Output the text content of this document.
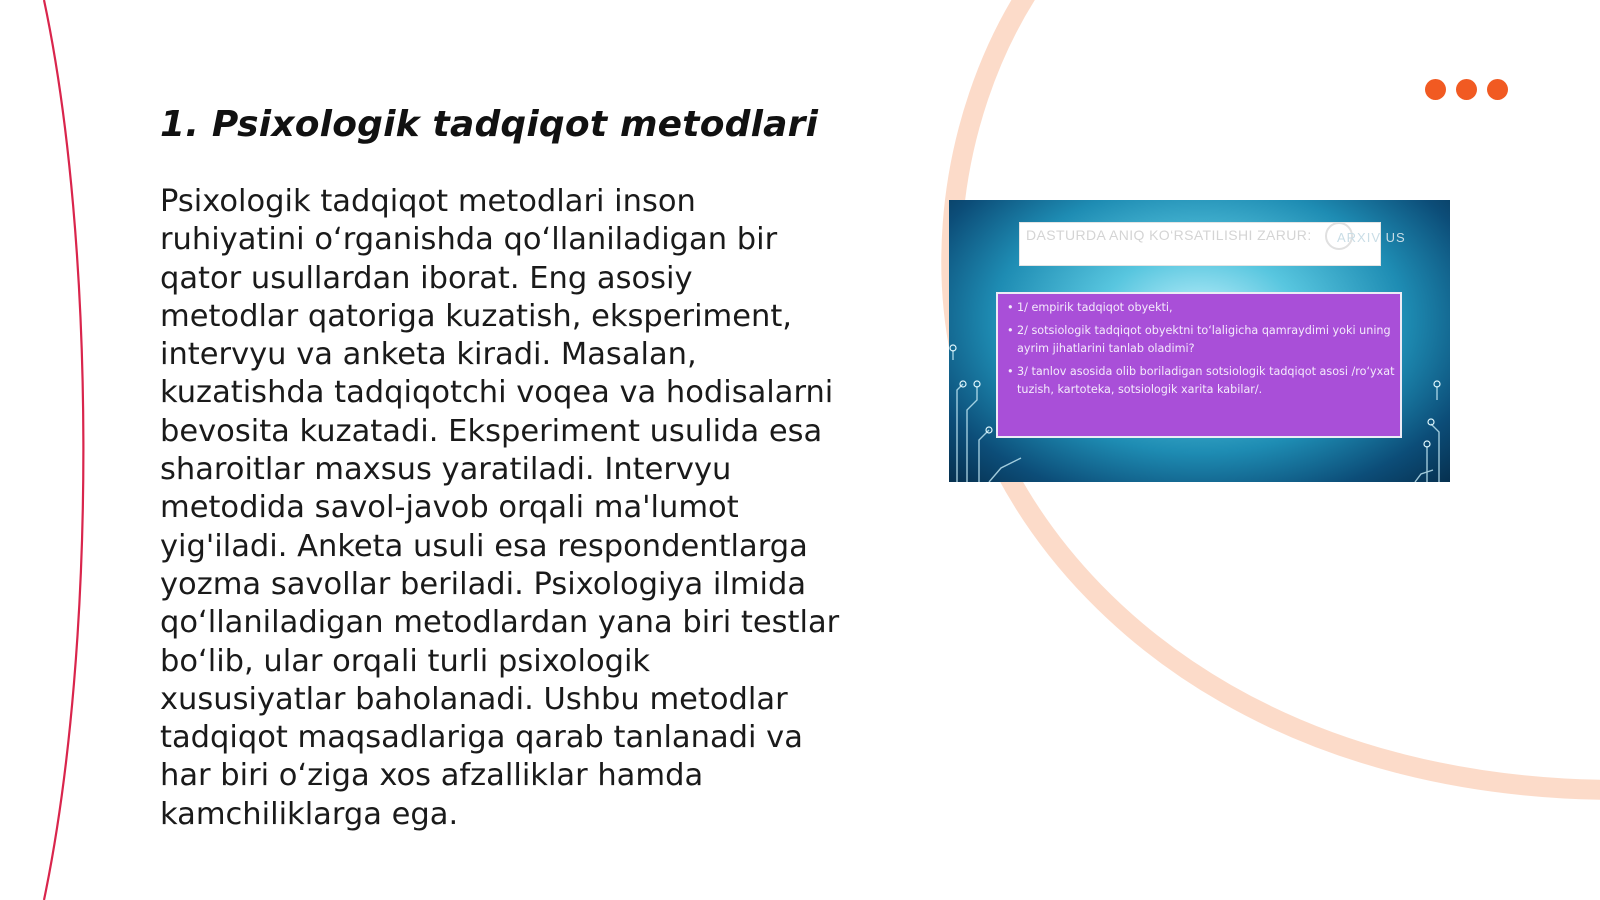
1. Psixologik tadqiqot metodlari

Psixologik tadqiqot metodlari inson ruhiyatini o‘rganishda qo‘llaniladigan bir qator usullardan iborat. Eng asosiy metodlar qatoriga kuzatish, eksperiment, intervyu va anketa kiradi. Masalan, kuzatishda tadqiqotchi voqea va hodisalarni bevosita kuzatadi. Eksperiment usulida esa sharoitlar maxsus yaratiladi. Intervyu metodida savol-javob orqali ma'lumot yig'iladi. Anketa usuli esa respondentlarga yozma savollar beriladi. Psixologiya ilmida qo‘llaniladigan metodlardan yana biri testlar bo‘lib, ular orqali turli psixologik xususiyatlar baholanadi. Ushbu metodlar tadqiqot maqsadlariga qarab tanlanadi va har biri o‘ziga xos afzalliklar hamda kamchiliklarga ega.

DASTURDA ANIQ KO‘RSATILISHI ZARUR:	ARXIV US
• 1/ empirik tadqiqot obyekti,
• 2/ sotsiologik tadqiqot obyektni to‘laligicha qamraydimi yoki uning ayrim jihatlarini tanlab oladimi?
• 3/ tanlov asosida olib boriladigan sotsiologik tadqiqot asosi /ro‘yxat tuzish, kartoteka, sotsiologik xarita kabilar/.
